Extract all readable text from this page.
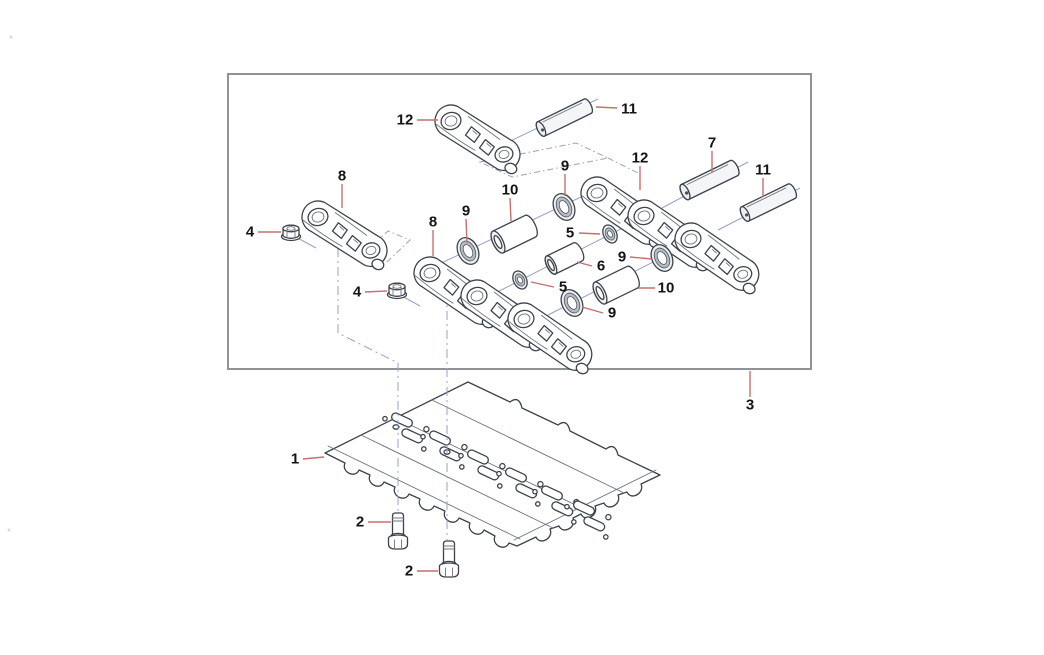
1
2
2
3
4
4
5
5
6
7
8
8
9
9
9
9
10
10
11
11
12
12
